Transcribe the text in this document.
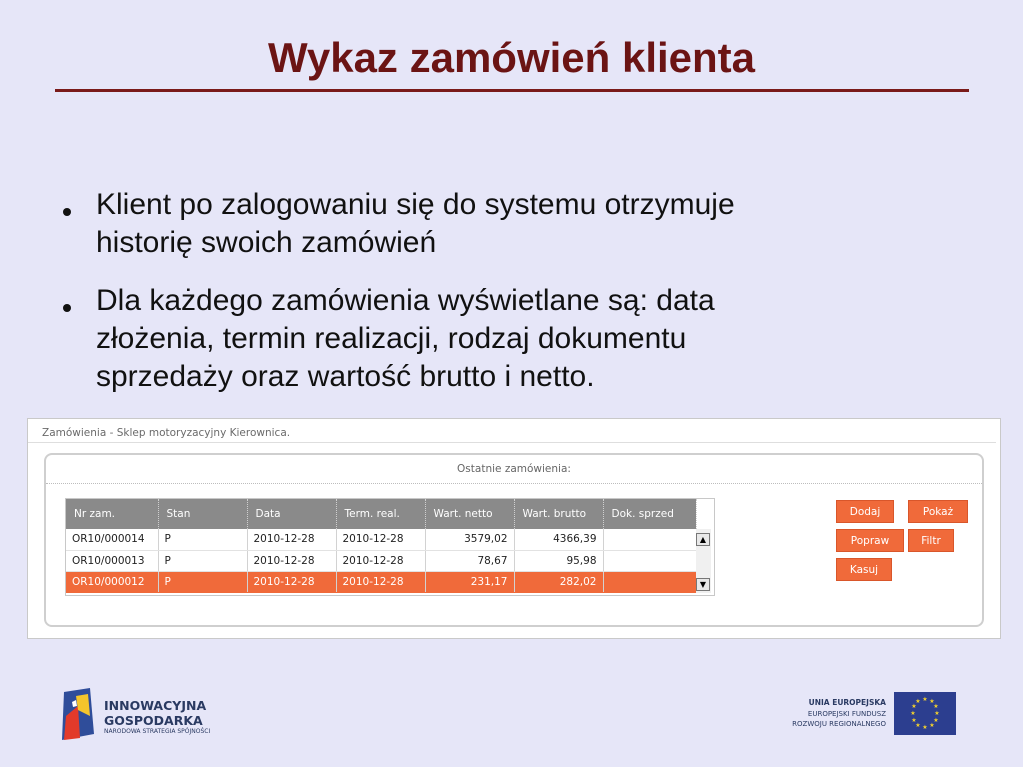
Wykaz zamówień klienta
Klient po zalogowaniu się do systemu otrzymuje
historię swoich zamówień
Dla każdego zamówienia wyświetlane są: data
złożenia, termin realizacji, rodzaj dokumentu
sprzedaży oraz wartość brutto i netto.
Zamówienia - Sklep motoryzacyjny Kierownica.
Ostatnie zamówienia:
Nr zam.	Stan	Data	Term. real.	Wart. netto	Wart. brutto	Dok. sprzed
OR10/000014	P	2010-12-28	2010-12-28	3579,02	4366,39	
OR10/000013	P	2010-12-28	2010-12-28	78,67	95,98	
OR10/000012	P	2010-12-28	2010-12-28	231,17	282,02	
▲
▼
Dodaj	Pokaż
Popraw	Filtr
Kasuj
INNOWACYJNA
GOSPODARKA
NARODOWA STRATEGIA SPÓJNOŚCI
UNIA EUROPEJSKA
EUROPEJSKI FUNDUSZ
ROZWOJU REGIONALNEGO
★ ★
★
★
★
★
★
★
★
★
★
★
